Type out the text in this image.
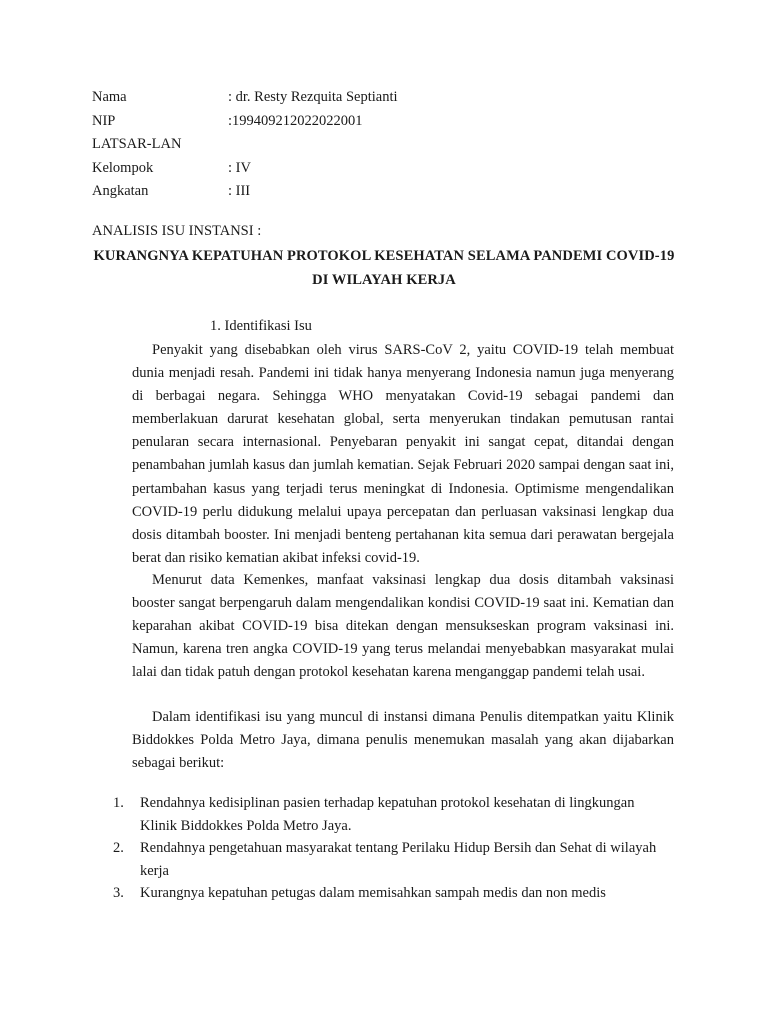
Nama	: dr. Resty Rezquita Septianti
NIP	:199409212022022001
LATSAR-LAN
Kelompok	: IV
Angkatan	: III
ANALISIS ISU INSTANSI :
KURANGNYA KEPATUHAN PROTOKOL KESEHATAN SELAMA PANDEMI COVID-19
DI WILAYAH KERJA
1. Identifikasi Isu

Penyakit yang disebabkan oleh virus SARS-CoV 2, yaitu COVID-19 telah membuat dunia menjadi resah. Pandemi ini tidak hanya menyerang Indonesia namun juga menyerang di berbagai negara. Sehingga WHO menyatakan Covid-19 sebagai pandemi dan memberlakuan darurat kesehatan global, serta menyerukan tindakan pemutusan rantai penularan secara internasional. Penyebaran penyakit ini sangat cepat, ditandai dengan penambahan jumlah kasus dan jumlah kematian. Sejak Februari 2020 sampai dengan saat ini, pertambahan kasus yang terjadi terus meningkat di Indonesia. Optimisme mengendalikan COVID-19 perlu didukung melalui upaya percepatan dan perluasan vaksinasi lengkap dua dosis ditambah booster. Ini menjadi benteng pertahanan kita semua dari perawatan bergejala berat dan risiko kematian akibat infeksi covid-19.

Menurut data Kemenkes, manfaat vaksinasi lengkap dua dosis ditambah vaksinasi booster sangat berpengaruh dalam mengendalikan kondisi COVID-19 saat ini. Kematian dan keparahan akibat COVID-19 bisa ditekan dengan mensukseskan program vaksinasi ini. Namun, karena tren angka COVID-19 yang terus melandai menyebabkan masyarakat mulai lalai dan tidak patuh dengan protokol kesehatan karena menganggap pandemi telah usai.

Dalam identifikasi isu yang muncul di instansi dimana Penulis ditempatkan yaitu Klinik Biddokkes Polda Metro Jaya, dimana penulis menemukan masalah yang akan dijabarkan sebagai berikut:

1.	Rendahnya kedisiplinan pasien terhadap kepatuhan protokol kesehatan di lingkungan Klinik Biddokkes Polda Metro Jaya.
2.	Rendahnya pengetahuan masyarakat tentang Perilaku Hidup Bersih dan Sehat di wilayah kerja
3.	Kurangnya kepatuhan petugas dalam memisahkan sampah medis dan non medis
